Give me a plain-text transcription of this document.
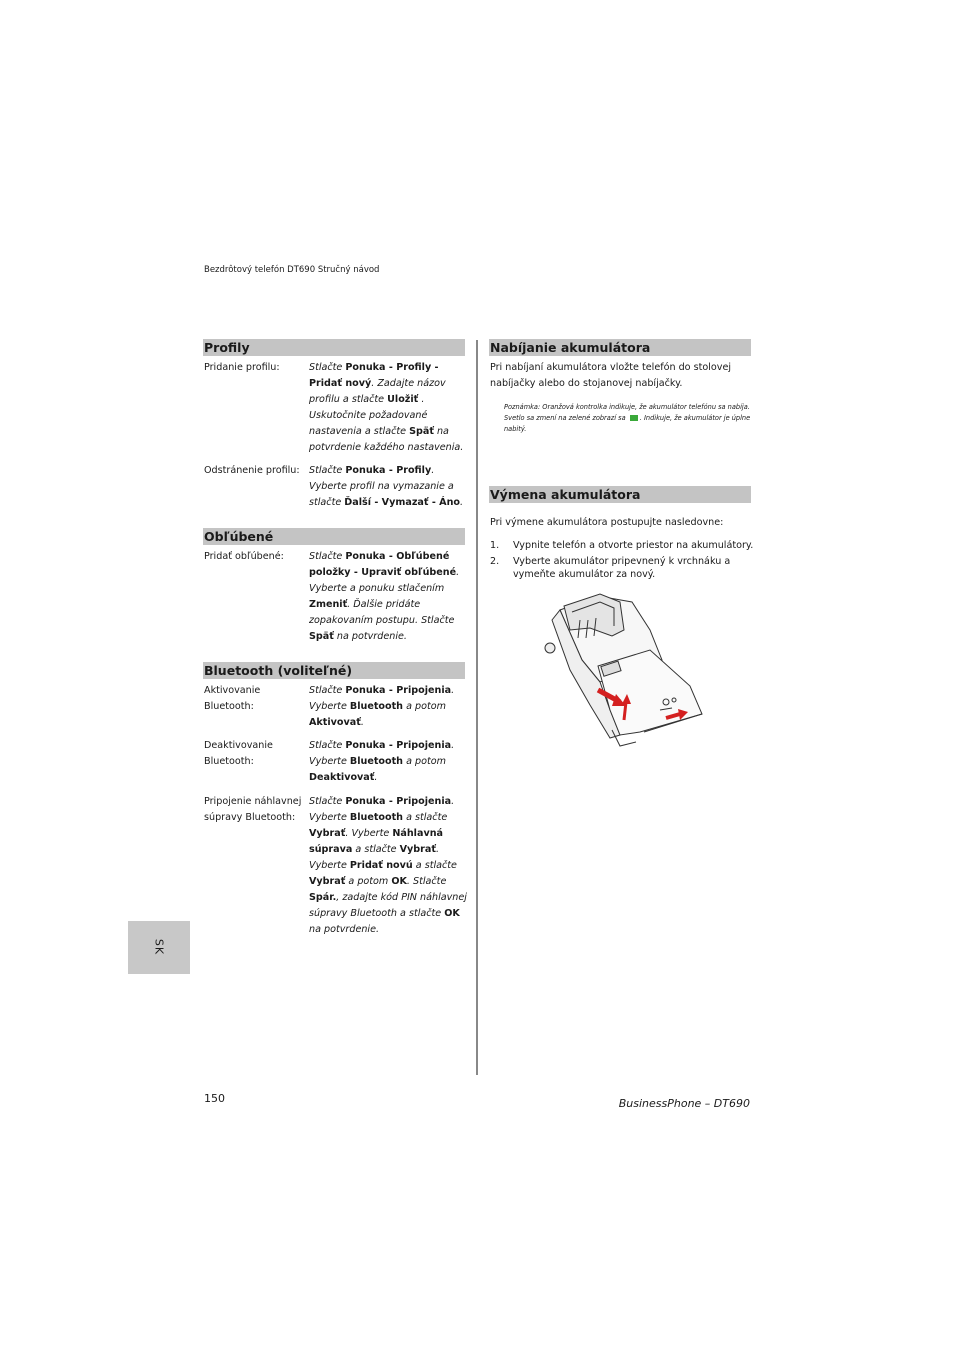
Bezdrôtový telefón DT690 Stručný návod
Profily
Pridanie profilu:	Stlačte Ponuka - Profily - Pridať nový. Zadajte názov profilu a stlačte Uložiť . Uskutočnite požadované nastavenia a stlačte Späť na potvrdenie každého nastavenia.
Odstránenie profilu: Stlačte Ponuka - Profily. Vyberte profil na vymazanie a stlačte Ďalší - Vymazať - Áno.
Obľúbené
Pridať obľúbené:	Stlačte Ponuka - Obľúbené položky - Upraviť obľúbené. Vyberte a ponuku stlačením Zmeniť. Ďalšie pridáte zopakovaním postupu. Stlačte Späť na potvrdenie.
Bluetooth (voliteľné)
Aktivovanie Bluetooth:
Stlačte Ponuka - Pripojenia. Vyberte Bluetooth a potom Aktivovať.
Deaktivovanie Bluetooth:
Stlačte Ponuka - Pripojenia. Vyberte Bluetooth a potom Deaktivovať.
Pripojenie náhlavnej súpravy Bluetooth:
Stlačte Ponuka - Pripojenia. Vyberte Bluetooth a stlačte Vybrať. Vyberte Náhlavná súprava a stlačte Vybrať. Vyberte Pridať novú a stlačte Vybrať a potom OK. Stlačte Spár., zadajte kód PIN náhlavnej súpravy Bluetooth a stlačte OK na potvrdenie.
Nabíjanie akumulátora
Pri nabíjaní akumulátora vložte telefón do stolovej nabíjačky alebo do stojanovej nabíjačky.
Poznámka: Oranžová kontrolka indikuje, že akumulátor telefónu sa nabíja. Svetlo sa zmení na zelené zobrazí sa . Indikuje, že akumulátor je úplne nabitý.
Výmena akumulátora
Pri výmene akumulátora postupujte nasledovne:
1. Vypnite telefón a otvorte priestor na akumulátory.
2. Vyberte akumulátor pripevnený k vrchnáku a vymeňte akumulátor za nový.
SK
150	BusinessPhone – DT690
